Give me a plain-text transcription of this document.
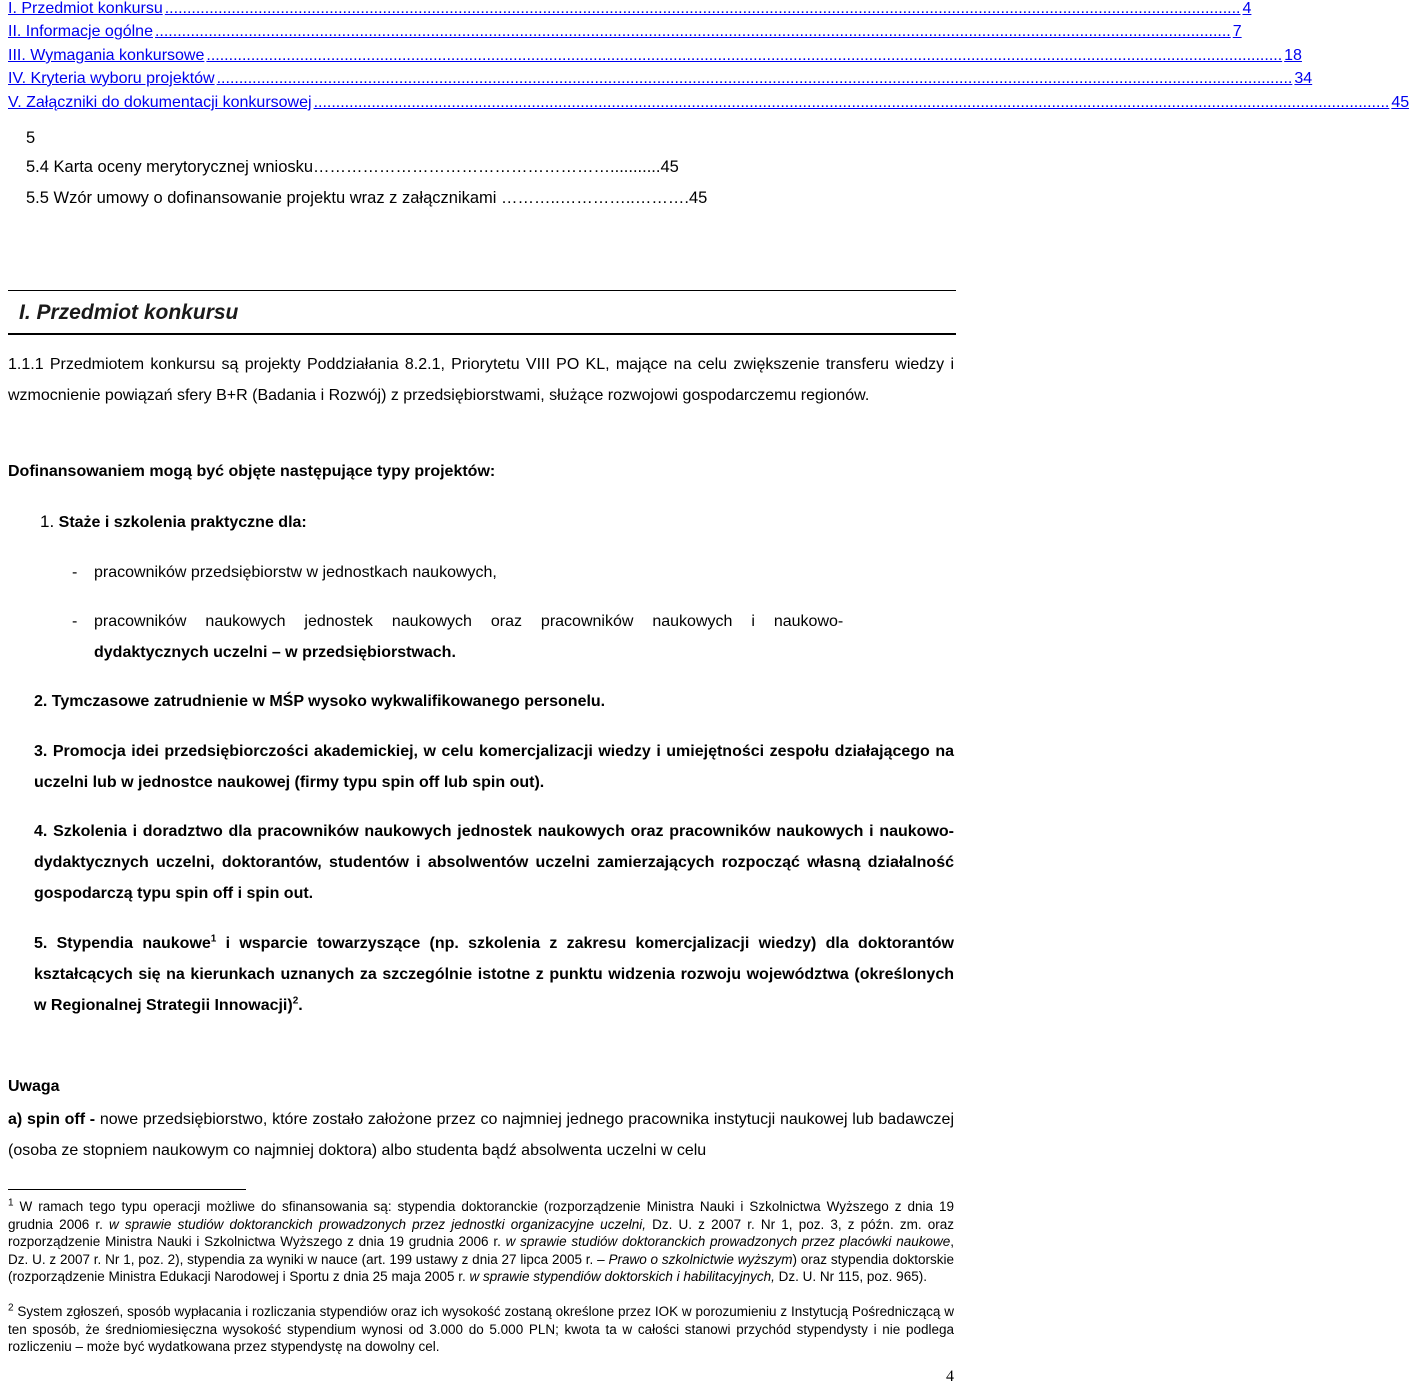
I. Przedmiot konkursu .................................................................................................................................................................................................................................................. 4
II. Informacje ogólne .................................................................................................................................................................................................................................................. 7
III. Wymagania konkursowe .................................................................................................................................................................................................................................................. 18
IV. Kryteria wyboru projektów .................................................................................................................................................................................................................................................. 34
V. Załączniki do dokumentacji konkursowej .................................................................................................................................................................................................................................................. 45
5
5.4 Karta oceny merytorycznej wniosku………………………………………………...........45
5.5 Wzór umowy o dofinansowanie projektu wraz z załącznikami ………..…………..……….45
I. Przedmiot konkursu
1.1.1 Przedmiotem konkursu są projekty Poddziałania 8.2.1, Priorytetu VIII PO KL, mające na celu zwiększenie transferu wiedzy i wzmocnienie powiązań sfery B+R (Badania i Rozwój) z przedsiębiorstwami, służące rozwojowi gospodarczemu regionów.
Dofinansowaniem mogą być objęte następujące typy projektów:
1. Staże i szkolenia praktyczne dla:
- pracowników przedsiębiorstw w jednostkach naukowych,
- pracowników naukowych jednostek naukowych oraz pracowników naukowych i naukowo-
dydaktycznych uczelni – w przedsiębiorstwach.
2. Tymczasowe zatrudnienie w MŚP wysoko wykwalifikowanego personelu.
3. Promocja idei przedsiębiorczości akademickiej, w celu komercjalizacji wiedzy i umiejętności zespołu działającego na uczelni lub w jednostce naukowej (firmy typu spin off lub spin out).
4. Szkolenia i doradztwo dla pracowników naukowych jednostek naukowych oraz pracowników naukowych i naukowo-dydaktycznych uczelni, doktorantów, studentów i absolwentów uczelni zamierzających rozpocząć własną działalność gospodarczą typu spin off i spin out.
5. Stypendia naukowe$^1$ i wsparcie towarzyszące (np. szkolenia z zakresu komercjalizacji wiedzy) dla doktorantów kształcących się na kierunkach uznanych za szczególnie istotne z punktu widzenia rozwoju województwa (określonych w Regionalnej Strategii Innowacji)$^2$.
Uwaga
a) spin off - nowe przedsiębiorstwo, które zostało założone przez co najmniej jednego pracownika instytucji naukowej lub badawczej (osoba ze stopniem naukowym co najmniej doktora) albo studenta bądź absolwenta uczelni w celu
$^1$ W ramach tego typu operacji możliwe do sfinansowania są: stypendia doktoranckie (rozporządzenie Ministra Nauki i Szkolnictwa Wyższego z dnia 19 grudnia 2006 r. w sprawie studiów doktoranckich prowadzonych przez jednostki organizacyjne uczelni, Dz. U. z 2007 r. Nr 1, poz. 3, z późn. zm. oraz rozporządzenie Ministra Nauki i Szkolnictwa Wyższego z dnia 19 grudnia 2006 r. w sprawie studiów doktoranckich prowadzonych przez placówki naukowe, Dz. U. z 2007 r. Nr 1, poz. 2), stypendia za wyniki w nauce (art. 199 ustawy z dnia 27 lipca 2005 r. – Prawo o szkolnictwie wyższym) oraz stypendia doktorskie (rozporządzenie Ministra Edukacji Narodowej i Sportu z dnia 25 maja 2005 r. w sprawie stypendiów doktorskich i habilitacyjnych, Dz. U. Nr 115, poz. 965).
$^2$ System zgłoszeń, sposób wypłacania i rozliczania stypendiów oraz ich wysokość zostaną określone przez IOK w porozumieniu z Instytucją Pośredniczącą w ten sposób, że średniomiesięczna wysokość stypendium wynosi od 3.000 do 5.000 PLN; kwota ta w całości stanowi przychód stypendysty i nie podlega rozliczeniu – może być wydatkowana przez stypendystę na dowolny cel.
4
